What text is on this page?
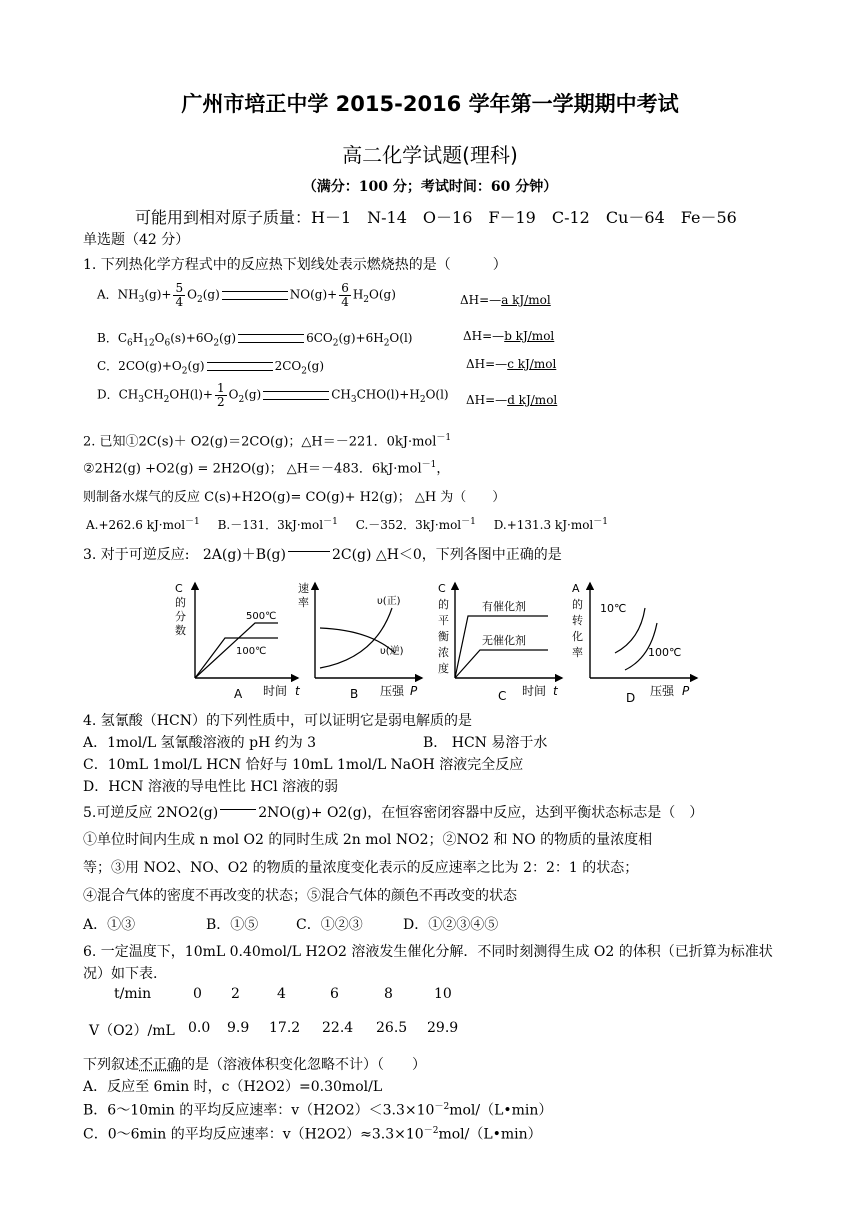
广州市培正中学 2015-2016 学年第一学期期中考试
高二化学试题(理科)
（满分：100 分；考试时间：60 分钟）
可能用到相对原子质量：H－1　N-14　O－16　F－19　C-12　Cu－64　Fe－56
单选题（42 分）
1. 下列热化学方程式中的反应热下划线处表示燃烧热的是（　　　）
A．$NH_3(g)+ \frac{5}{4} O_2(g)$	$NO(g)+ \frac{6}{4} H_2O(g)$	ΔH=—a kJ/mol
B．$C_6H_{12}O_6(s)+6O_2(g)$	$6CO_2(g)+6H_2O(l)$	ΔH=—b kJ/mol
C．$2CO(g)+O_2(g)$	$2CO_2(g)$	ΔH=—c kJ/mol
D．$CH_3CH_2OH(l)+ \frac{1}{2} O_2(g)$	$CH_3CHO(l)+H_2O(l)$ ΔH=—d kJ/mol
2. 已知①2C(s)＋ O2(g)＝2CO(g)；△H＝－221．0kJ·mol$^{-1}$
②2H2(g) +O2(g) = 2H2O(g)； △H＝－483．6kJ·mol$^{-1}$，
则制备水煤气的反应 C(s)+H2O(g)= CO(g)+ H2(g)； △H 为（　　）
A.+262.6 kJ·mol$^{-1}$ B.－131．3kJ·mol$^{-1}$ C.－352．3kJ·mol$^{-1}$ D.+131.3 kJ·mol$^{-1}$
3. 对于可逆反应: 2A(g)＋B(g)	2C(g) △H＜0，下列各图中正确的是
C
的
分
数
500℃
100℃
A 时间 t
速
率	υ(正)
υ(逆)
B 压强 P
C
的
平
衡
浓
度
有催化剂
无催化剂
C 时间 t
A
的
转
化
率
10℃
100℃
D 压强 P
4. 氢氰酸（HCN）的下列性质中，可以证明它是弱电解质的是
A．1mol/L 氢氰酸溶液的 pH 约为 3	B． HCN 易溶于水
C．10mL 1mol/L HCN 恰好与 10mL 1mol/L NaOH 溶液完全反应
D．HCN 溶液的导电性比 HCl 溶液的弱
5.可逆反应 2NO2(g)	2NO(g)+ O2(g)，在恒容密闭容器中反应，达到平衡状态标志是（　）
①单位时间内生成 n mol O2 的同时生成 2n mol NO2；②NO2 和 NO 的物质的量浓度相
等；③用 NO2、NO、O2 的物质的量浓度变化表示的反应速率之比为 2：2：1 的状态；
④混合气体的密度不再改变的状态；⑤混合气体的颜色不再改变的状态
A．①③	B．①⑤	C．①②③	D．①②③④⑤
6. 一定温度下，10mL 0.40mol/L H2O2 溶液发生催化分解．不同时刻测得生成 O2 的体积（已折算为标准状
况）如下表.
t/min	0 2	4	6	8	10
V（O2）/mL 0.0 9.9 17.2 22.4 26.5 29.9
下列叙述不正确的是（溶液体积变化忽略不计）（　　）
A．反应至 6min 时，c（H2O2）=0.30mol/L
B．6～10min 的平均反应速率：$v(H2O2)<3.3\times 10^{-2}mol/(L•\min)$
C．0～6min 的平均反应速率：$v(H2O2)\approx 3.3\times 10^{-2}mol/(L•\min)$
